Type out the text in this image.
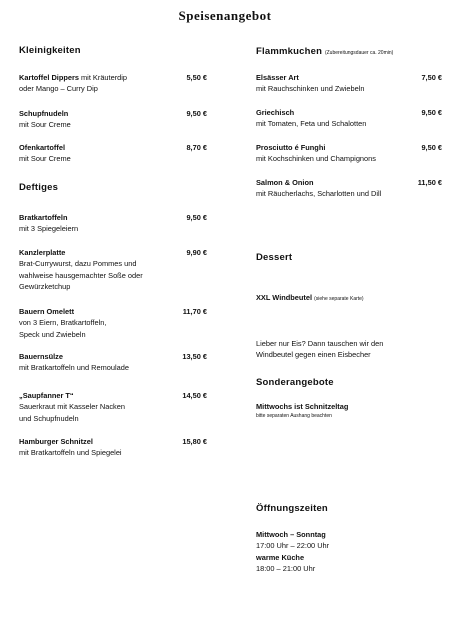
Speisenangebot
Kleinigkeiten
Kartoffel Dippers mit Kräuterdip
oder Mango – Curry Dip
5,50 €
Schupfnudeln
mit Sour Creme
9,50 €
Ofenkartoffel
mit Sour Creme
8,70 €
Deftiges
Bratkartoffeln
mit 3 Spiegeleiern
9,50 €
Kanzlerplatte
Brat-Currywurst, dazu Pommes und
wahlweise hausgemachter Soße oder
Gewürzketchup
9,90 €
Bauern Omelett
von 3 Eiern, Bratkartoffeln,
Speck und Zwiebeln
11,70 €
Bauernsülze
mit Bratkartoffeln und Remoulade
13,50 €
„Saupfanner T“
Sauerkraut mit Kasseler Nacken
und Schupfnudeln
14,50 €
Hamburger Schnitzel
mit Bratkartoffeln und Spiegelei
15,80 €
Flammkuchen (Zubereitungsdauer ca. 20min)
Elsässer Art
mit Rauchschinken und Zwiebeln
7,50 €
Griechisch
mit Tomaten, Feta und Schalotten
9,50 €
Prosciutto é Funghi
mit Kochschinken und Champignons
9,50 €
Salmon & Onion
mit Räucherlachs, Scharlotten und Dill
11,50 €
Dessert
XXL Windbeutel (siehe separate Karte)
Lieber nur Eis? Dann tauschen wir den
Windbeutel gegen einen Eisbecher
Sonderangebote
Mittwochs ist Schnitzeltag
bitte separaten Aushang beachten
Öffnungszeiten
Mittwoch – Sonntag
17:00 Uhr – 22:00 Uhr
warme Küche
18:00 – 21:00 Uhr
